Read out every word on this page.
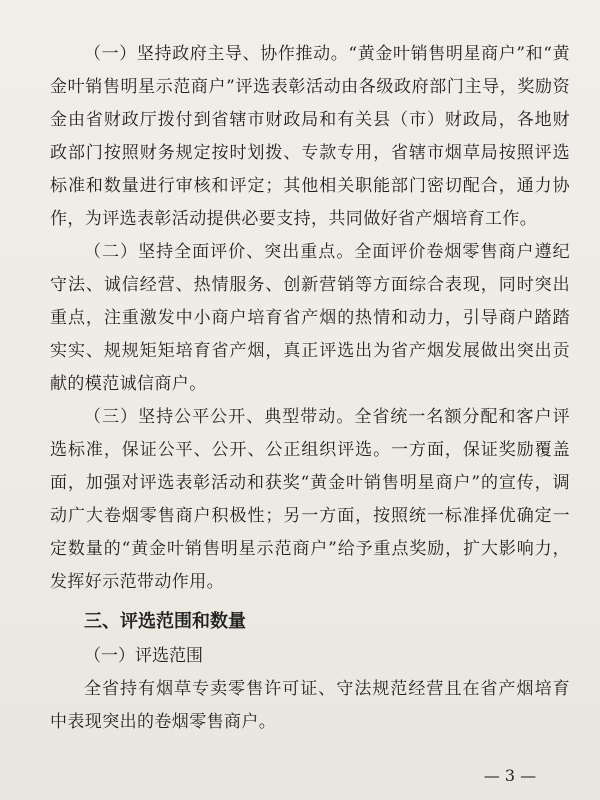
（一）坚持政府主导、协作推动。“黄金叶销售明星商户”和“黄金叶销售明星示范商户”评选表彰活动由各级政府部门主导，奖励资金由省财政厅拨付到省辖市财政局和有关县（市）财政局，各地财政部门按照财务规定按时划拨、专款专用，省辖市烟草局按照评选标准和数量进行审核和评定；其他相关职能部门密切配合，通力协作，为评选表彰活动提供必要支持，共同做好省产烟培育工作。

（二）坚持全面评价、突出重点。全面评价卷烟零售商户遵纪守法、诚信经营、热情服务、创新营销等方面综合表现，同时突出重点，注重激发中小商户培育省产烟的热情和动力，引导商户踏踏实实、规规矩矩培育省产烟，真正评选出为省产烟发展做出突出贡献的模范诚信商户。

（三）坚持公平公开、典型带动。全省统一名额分配和客户评选标准，保证公平、公开、公正组织评选。一方面，保证奖励覆盖面，加强对评选表彰活动和获奖“黄金叶销售明星商户”的宣传，调动广大卷烟零售商户积极性；另一方面，按照统一标准择优确定一定数量的“黄金叶销售明星示范商户”给予重点奖励，扩大影响力，发挥好示范带动作用。

三、评选范围和数量

（一）评选范围

全省持有烟草专卖零售许可证、守法规范经营且在省产烟培育中表现突出的卷烟零售商户。

— 3 —
